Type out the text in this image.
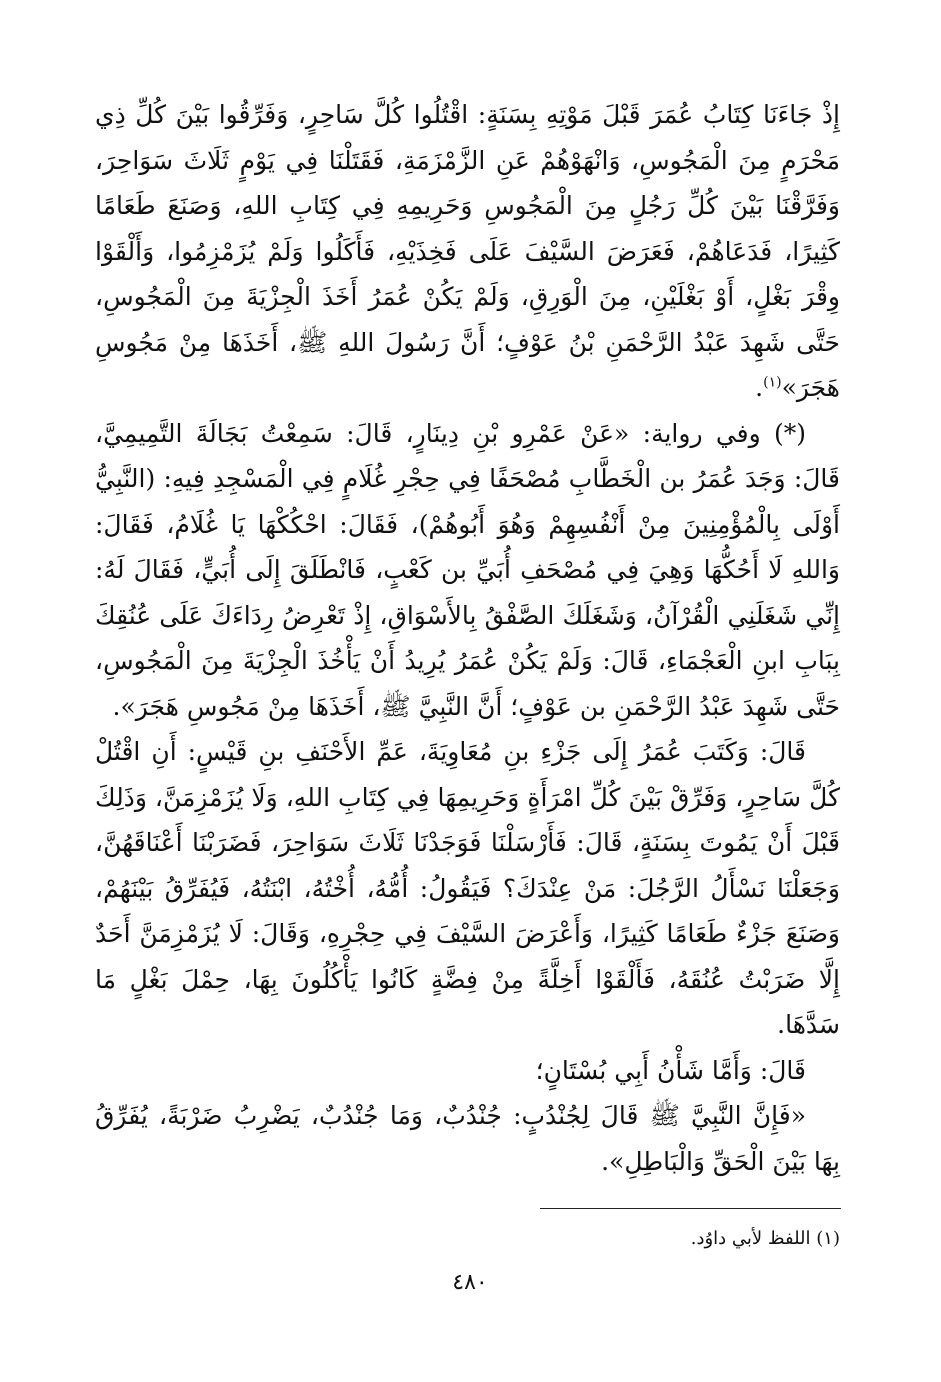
إِذْ جَاءَنَا كِتَابُ عُمَرَ قَبْلَ مَوْتِهِ بِسَنَةٍ: اقْتُلُوا كُلَّ سَاحِرٍ، وَفَرِّقُوا بَيْنَ كُلِّ ذِي مَحْرَمٍ مِنَ الْمَجُوسِ، وَانْهَوْهُمْ عَنِ الزَّمْزَمَةِ، فَقَتَلْنَا فِي يَوْمٍ ثَلَاثَ سَوَاحِرَ، وَفَرَّقْنَا بَيْنَ كُلِّ رَجُلٍ مِنَ الْمَجُوسِ وَحَرِيمِهِ فِي كِتَابِ اللهِ، وَصَنَعَ طَعَامًا كَثِيرًا، فَدَعَاهُمْ، فَعَرَضَ السَّيْفَ عَلَى فَخِذَيْهِ، فَأَكَلُوا وَلَمْ يُزَمْزِمُوا، وَأَلْقَوْا وِقْرَ بَغْلٍ، أَوْ بَغْلَيْنِ، مِنَ الْوَرِقِ، وَلَمْ يَكُنْ عُمَرُ أَخَذَ الْجِزْيَةَ مِنَ الْمَجُوسِ، حَتَّى شَهِدَ عَبْدُ الرَّحْمَنِ بْنُ عَوْفٍ؛ أَنَّ رَسُولَ اللهِ ﷺ، أَخَذَهَا مِنْ مَجُوسِ هَجَرَ»$^{(١)}$.

(*) وفي رواية: «عَنْ عَمْرِو بْنِ دِينَارٍ، قَالَ: سَمِعْتُ بَجَالَةَ التَّمِيمِيَّ، قَالَ: وَجَدَ عُمَرُ بن الْخَطَّابِ مُصْحَفًا فِي حِجْرِ غُلَامٍ فِي الْمَسْجِدِ فِيهِ: (النَّبِيُّ أَوْلَى بِالْمُؤْمِنِينَ مِنْ أَنْفُسِهِمْ وَهُوَ أَبُوهُمْ)، فَقَالَ: احْكُكْهَا يَا غُلَامُ، فَقَالَ: وَاللهِ لَا أَحُكُّهَا وَهِيَ فِي مُصْحَفِ أُبَيِّ بن كَعْبٍ، فَانْطَلَقَ إِلَى أُبَيٍّ، فَقَالَ لَهُ: إِنِّي شَغَلَنِي الْقُرْآنُ، وَشَغَلَكَ الصَّفْقُ بِالأَسْوَاقِ، إِذْ تَعْرِضُ رِدَاءَكَ عَلَى عُنُقِكَ بِبَابِ ابنِ الْعَجْمَاءِ، قَالَ: وَلَمْ يَكُنْ عُمَرُ يُرِيدُ أَنْ يَأْخُذَ الْجِزْيَةَ مِنَ الْمَجُوسِ، حَتَّى شَهِدَ عَبْدُ الرَّحْمَنِ بن عَوْفٍ؛ أَنَّ النَّبِيَّ ﷺ، أَخَذَهَا مِنْ مَجُوسِ هَجَرَ».

قَالَ: وَكَتَبَ عُمَرُ إِلَى جَزْءِ بنِ مُعَاوِيَةَ، عَمِّ الأَحْنَفِ بنِ قَيْسٍ: أَنِ اقْتُلْ كُلَّ سَاحِرٍ، وَفَرِّقْ بَيْنَ كُلِّ امْرَأَةٍ وَحَرِيمِهَا فِي كِتَابِ اللهِ، وَلَا يُزَمْزِمَنَّ، وَذَلِكَ قَبْلَ أَنْ يَمُوتَ بِسَنَةٍ، قَالَ: فَأَرْسَلْنَا فَوَجَدْنَا ثَلَاثَ سَوَاحِرَ، فَضَرَبْنَا أَعْنَاقَهُنَّ، وَجَعَلْنَا نَسْأَلُ الرَّجُلَ: مَنْ عِنْدَكَ؟ فَيَقُولُ: أُمُّهُ، أُخْتُهُ، ابْنَتُهُ، فَيُفَرِّقُ بَيْنَهُمْ، وَصَنَعَ جَزْءٌ طَعَامًا كَثِيرًا، وَأَعْرَضَ السَّيْفَ فِي حِجْرِهِ، وَقَالَ: لَا يُزَمْزِمَنَّ أَحَدٌ إِلَّا ضَرَبْتُ عُنُقَهُ، فَأَلْقَوْا أَخِلَّةً مِنْ فِضَّةٍ كَانُوا يَأْكُلُونَ بِهَا، حِمْلَ بَغْلٍ مَا سَدَّهَا.

قَالَ: وَأَمَّا شَأْنُ أَبِي بُسْتَانٍ؛

«فَإِنَّ النَّبِيَّ ﷺ قَالَ لِجُنْدُبٍ: جُنْدُبٌ، وَمَا جُنْدُبٌ، يَضْرِبُ ضَرْبَةً، يُفَرِّقُ بِهَا بَيْنَ الْحَقِّ وَالْبَاطِلِ».

(١) اللفظ لأبي داوُد.
٤٨٠
